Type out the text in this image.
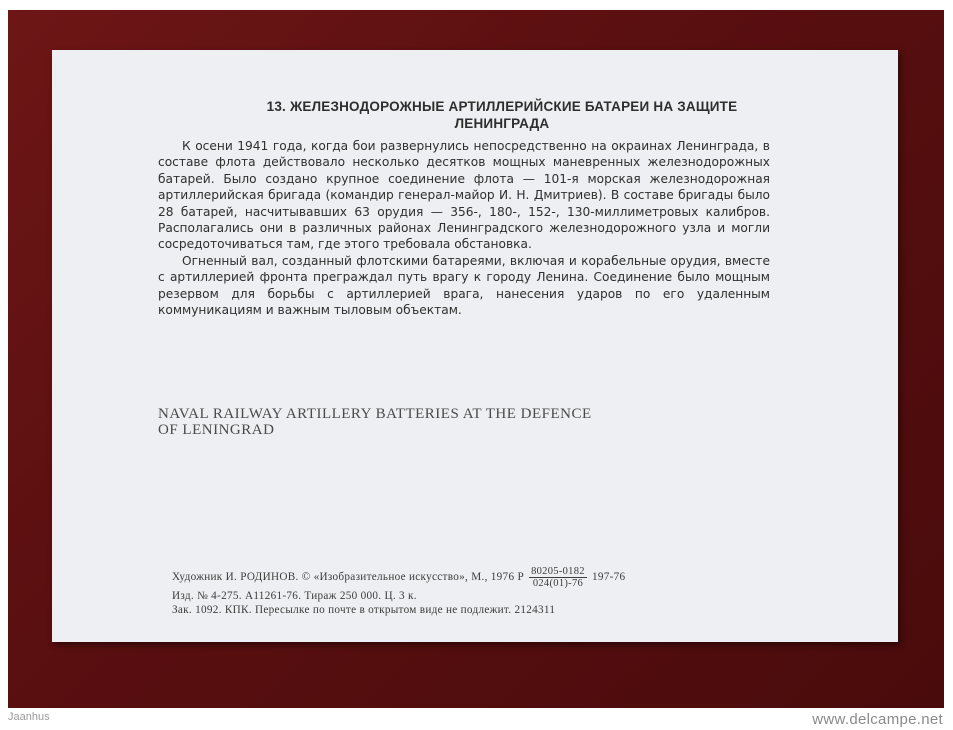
13. ЖЕЛЕЗНОДОРОЖНЫЕ АРТИЛЛЕРИЙСКИЕ БАТАРЕИ НА ЗАЩИТЕ
ЛЕНИНГРАДА

К осени 1941 года, когда бои развернулись непосредственно на окраинах Ленинграда, в составе флота действовало несколько десятков мощных маневренных железнодорожных батарей. Было создано крупное соединение флота — 101-я морская железнодорожная артиллерийская бригада (командир генерал-майор И. Н. Дмитриев). В составе бригады было 28 батарей, насчитывавших 63 орудия — 356-, 180-, 152-, 130-миллиметровых калибров. Располагались они в различных районах Ленинградского железнодорожного узла и могли сосредоточиваться там, где этого требовала обстановка.

Огненный вал, созданный флотскими батареями, включая и корабельные орудия, вместе с артиллерией фронта преграждал путь врагу к городу Ленина. Соединение было мощным резервом для борьбы с артиллерией врага, нанесения ударов по его удаленным коммуникациям и важным тыловым объектам.

NAVAL RAILWAY ARTILLERY BATTERIES AT THE DEFENCE
OF LENINGRAD
Художник И. РОДИНОВ. © «Изобразительное искусство», М., 1976 Р $\frac{80205-0182}{024(01)-76} 197-76$
Изд. № 4-275. А11261-76. Тираж 250 000. Ц. 3 к.
Зак. 1092. КПК. Пересылке по почте в открытом виде не подлежит. 2124311
Jaanhus	www.delcampe.net
